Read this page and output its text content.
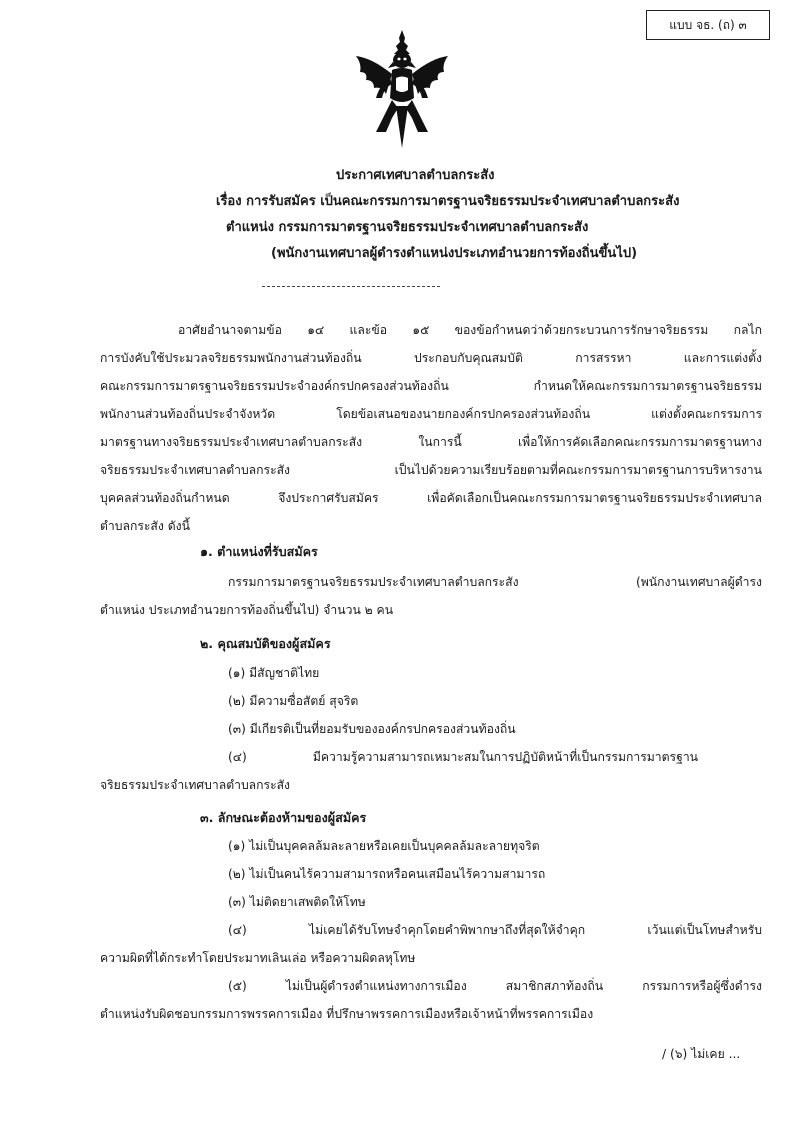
แบบ จธ. (ถ) ๓
ประกาศเทศบาลตำบลกระสัง
เรื่อง การรับสมัคร เป็นคณะกรรมการมาตรฐานจริยธรรมประจำเทศบาลตำบลกระสัง
ตำแหน่ง กรรมการมาตรฐานจริยธรรมประจำเทศบาลตำบลกระสัง
(พนักงานเทศบาลผู้ดำรงตำแหน่งประเภทอำนวยการท้องถิ่นขึ้นไป)
อาศัยอำนาจตามข้อ ๑๔ และข้อ ๑๕ ของข้อกำหนดว่าด้วยกระบวนการรักษาจริยธรรม กลไก
การบังคับใช้ประมวลจริยธรรมพนักงานส่วนท้องถิ่น ประกอบกับคุณสมบัติ การสรรหา และการแต่งตั้ง
คณะกรรมการมาตรฐานจริยธรรมประจำองค์กรปกครองส่วนท้องถิ่น กำหนดให้คณะกรรมการมาตรฐานจริยธรรม
พนักงานส่วนท้องถิ่นประจำจังหวัด โดยข้อเสนอของนายกองค์กรปกครองส่วนท้องถิ่น แต่งตั้งคณะกรรมการ
มาตรฐานทางจริยธรรมประจำเทศบาลตำบลกระสัง ในการนี้ เพื่อให้การคัดเลือกคณะกรรมการมาตรฐานทาง
จริยธรรมประจำเทศบาลตำบลกระสัง เป็นไปด้วยความเรียบร้อยตามที่คณะกรรมการมาตรฐานการบริหารงาน
บุคคลส่วนท้องถิ่นกำหนด จึงประกาศรับสมัคร เพื่อคัดเลือกเป็นคณะกรรมการมาตรฐานจริยธรรมประจำเทศบาล
ตำบลกระสัง ดังนี้
๑. ตำแหน่งที่รับสมัคร
กรรมการมาตรฐานจริยธรรมประจำเทศบาลตำบลกระสัง (พนักงานเทศบาลผู้ดำรง
ตำแหน่ง ประเภทอำนวยการท้องถิ่นขึ้นไป) จำนวน ๒ คน
๒. คุณสมบัติของผู้สมัคร
(๑) มีสัญชาติไทย
(๒) มีความซื่อสัตย์ สุจริต
(๓) มีเกียรติเป็นที่ยอมรับขององค์กรปกครองส่วนท้องถิ่น
(๔) มีความรู้ความสามารถเหมาะสมในการปฏิบัติหน้าที่เป็นกรรมการมาตรฐาน
จริยธรรมประจำเทศบาลตำบลกระสัง
๓. ลักษณะต้องห้ามของผู้สมัคร
(๑) ไม่เป็นบุคคลล้มละลายหรือเคยเป็นบุคคลล้มละลายทุจริต
(๒) ไม่เป็นคนไร้ความสามารถหรือคนเสมือนไร้ความสามารถ
(๓) ไม่ติดยาเสพติดให้โทษ
(๔) ไม่เคยได้รับโทษจำคุกโดยคำพิพากษาถึงที่สุดให้จำคุก เว้นแต่เป็นโทษสำหรับ
ความผิดที่ได้กระทำโดยประมาทเลินเล่อ หรือความผิดลหุโทษ
(๕) ไม่เป็นผู้ดำรงตำแหน่งทางการเมือง สมาชิกสภาท้องถิ่น กรรมการหรือผู้ซึ่งดำรง
ตำแหน่งรับผิดชอบกรรมการพรรคการเมือง ที่ปรึกษาพรรคการเมืองหรือเจ้าหน้าที่พรรคการเมือง
/ (๖) ไม่เคย ...
